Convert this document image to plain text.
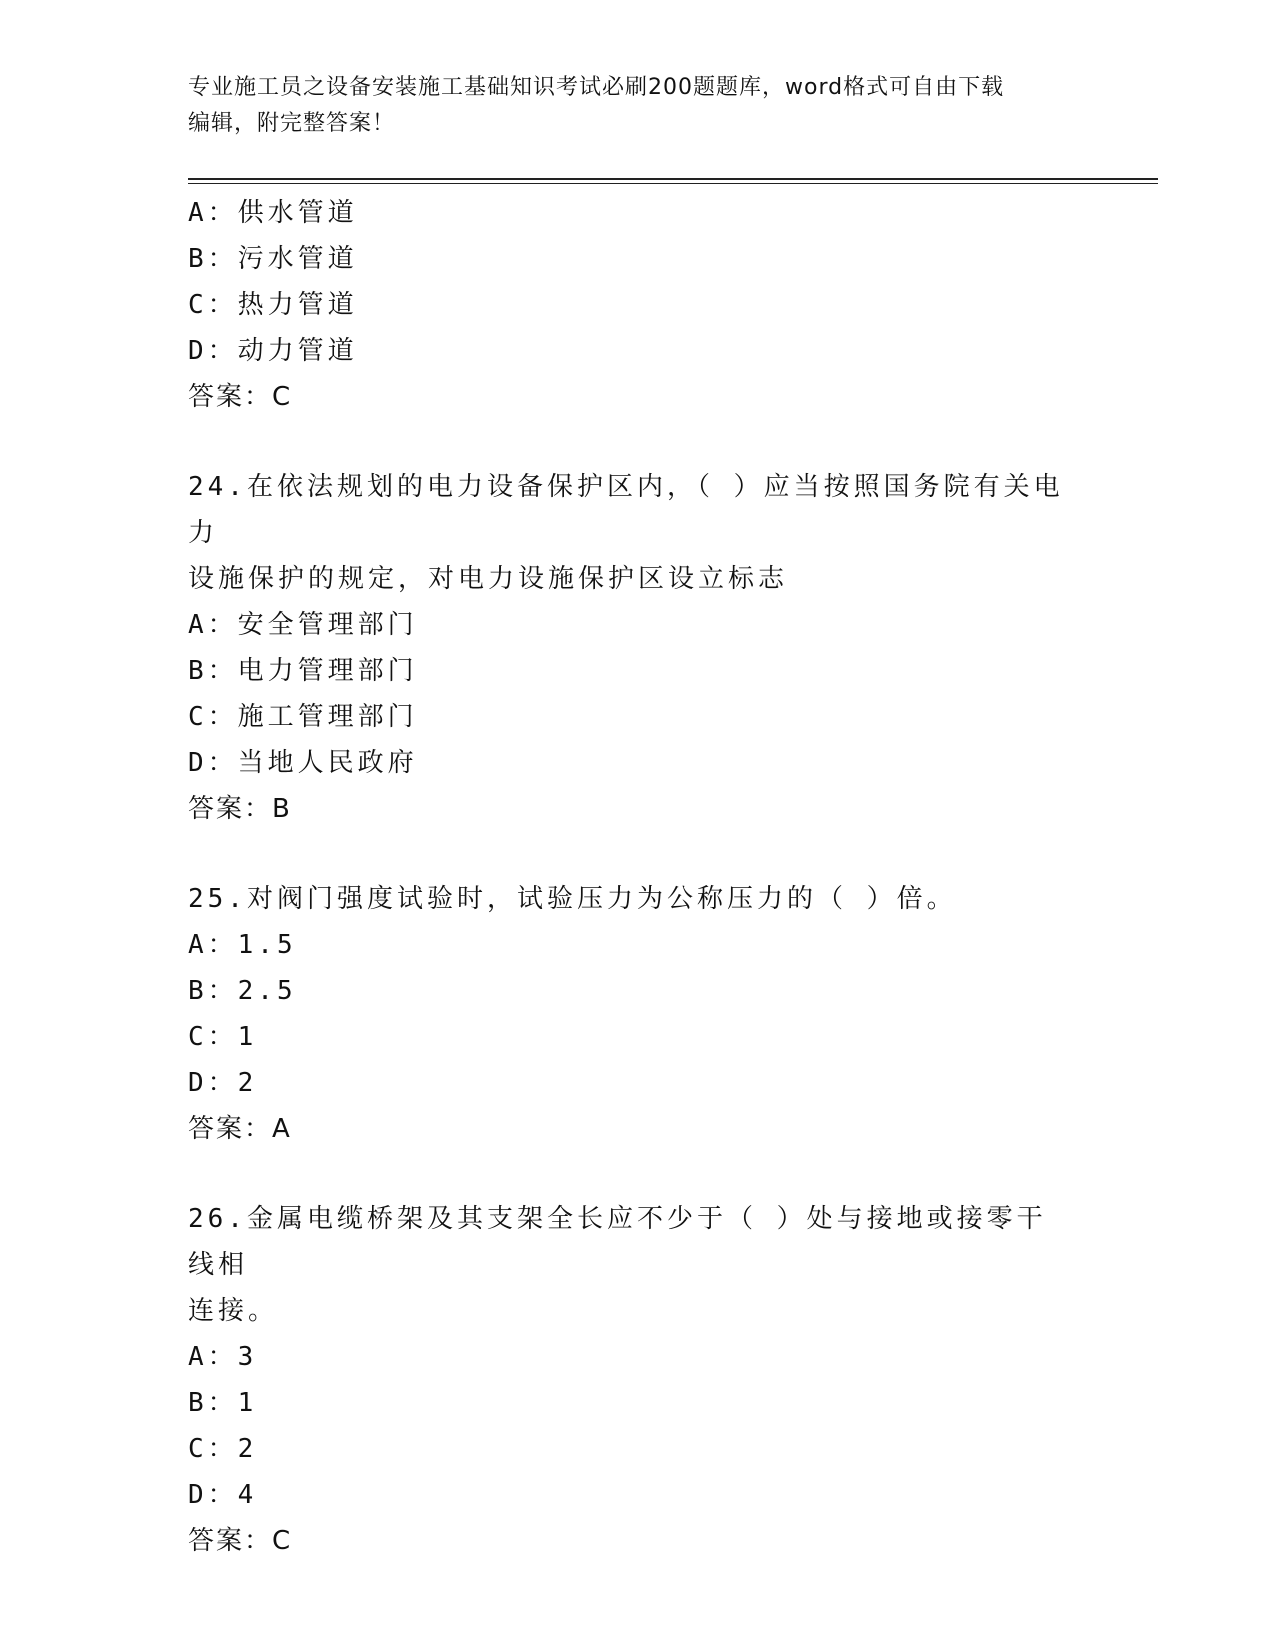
专业施工员之设备安装施工基础知识考试必刷200题题库，word格式可自由下载
编辑，附完整答案！
A：供水管道
B：污水管道
C：热力管道
D：动力管道
答案：C
24.在依法规划的电力设备保护区内，（ ）应当按照国务院有关电力
设施保护的规定，对电力设施保护区设立标志
A：安全管理部门
B：电力管理部门
C：施工管理部门
D：当地人民政府
答案：B
25.对阀门强度试验时，试验压力为公称压力的（ ）倍。
A：1.5
B：2.5
C：1
D：2
答案：A
26.金属电缆桥架及其支架全长应不少于（ ）处与接地或接零干线相
连接。
A：3
B：1
C：2
D：4
答案：C
